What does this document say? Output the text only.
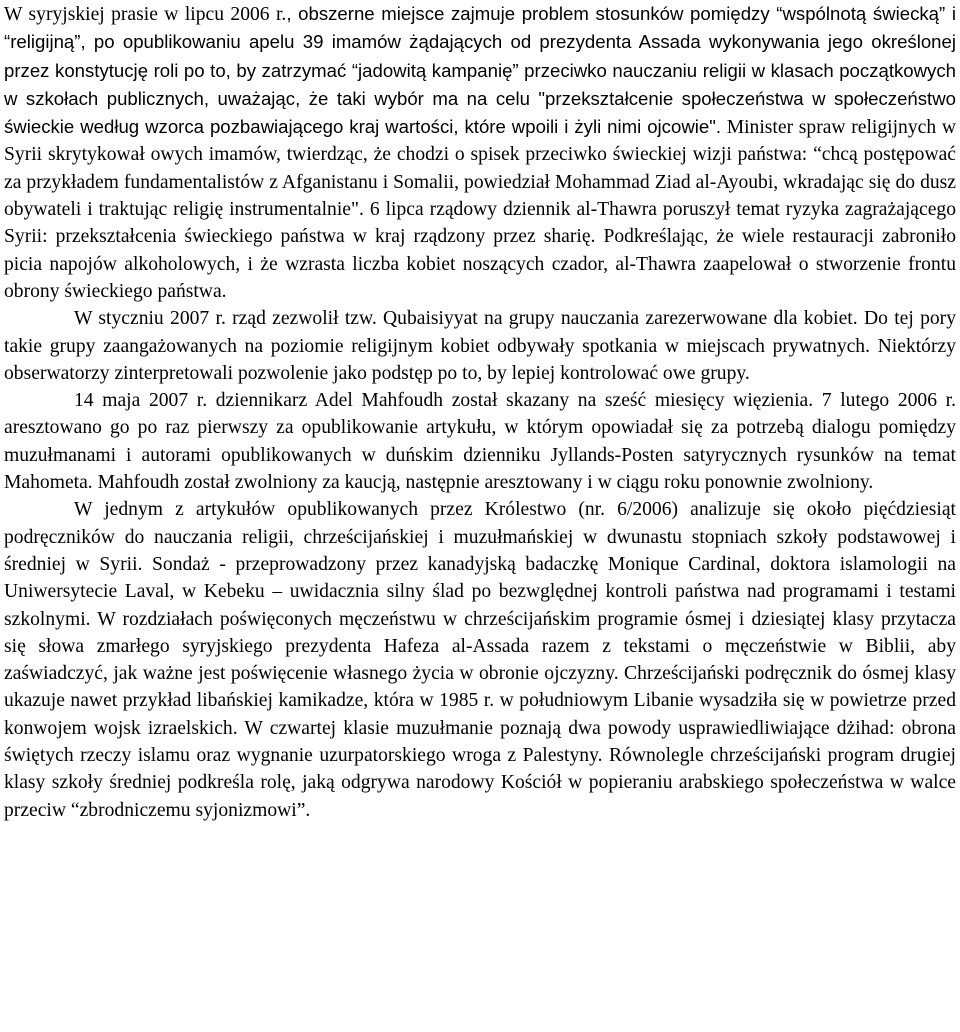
W syryjskiej prasie w lipcu 2006 r., obszerne miejsce zajmuje problem stosunków pomiędzy “wspólnotą świecką” i “religijną”, po opublikowaniu apelu 39 imamów żądających od prezydenta Assada wykonywania jego określonej przez konstytucję roli po to, by zatrzymać “jadowitą kampanię” przeciwko nauczaniu religii w klasach początkowych w szkołach publicznych, uważając, że taki wybór ma na celu "przekształcenie społeczeństwa w społeczeństwo świeckie według wzorca pozbawiającego kraj wartości, które wpoili i żyli nimi ojcowie". Minister spraw religijnych w Syrii skrytykował owych imamów, twierdząc, że chodzi o spisek przeciwko świeckiej wizji państwa: “chcą postępować za przykładem fundamentalistów z Afganistanu i Somalii, powiedział Mohammad Ziad al-Ayoubi, wkradając się do dusz obywateli i traktując religię instrumentalnie". 6 lipca rządowy dziennik al-Thawra poruszył temat ryzyka zagrażającego Syrii: przekształcenia świeckiego państwa w kraj rządzony przez sharię. Podkreślając, że wiele restauracji zabroniło picia napojów alkoholowych, i że wzrasta liczba kobiet noszących czador, al-Thawra zaapelował o stworzenie frontu obrony świeckiego państwa.

W styczniu 2007 r. rząd zezwolił tzw. Qubaisiyyat na grupy nauczania zarezerwowane dla kobiet. Do tej pory takie grupy zaangażowanych na poziomie religijnym kobiet odbywały spotkania w miejscach prywatnych. Niektórzy obserwatorzy zinterpretowali pozwolenie jako podstęp po to, by lepiej kontrolować owe grupy.

14 maja 2007 r. dziennikarz Adel Mahfoudh został skazany na sześć miesięcy więzienia. 7 lutego 2006 r. aresztowano go po raz pierwszy za opublikowanie artykułu, w którym opowiadał się za potrzebą dialogu pomiędzy muzułmanami i autorami opublikowanych w duńskim dzienniku Jyllands-Posten satyrycznych rysunków na temat Mahometa. Mahfoudh został zwolniony za kaucją, następnie aresztowany i w ciągu roku ponownie zwolniony.

W jednym z artykułów opublikowanych przez Królestwo (nr. 6/2006) analizuje się około pięćdziesiąt podręczników do nauczania religii, chrześcijańskiej i muzułmańskiej w dwunastu stopniach szkoły podstawowej i średniej w Syrii. Sondaż - przeprowadzony przez kanadyjską badaczkę Monique Cardinal, doktora islamologii na Uniwersytecie Laval, w Kebeku – uwidacznia silny ślad po bezwględnej kontroli państwa nad programami i testami szkolnymi. W rozdziałach poświęconych męczeństwu w chrześcijańskim programie ósmej i dziesiątej klasy przytacza się słowa zmarłego syryjskiego prezydenta Hafeza al-Assada razem z tekstami o męczeństwie w Biblii, aby zaświadczyć, jak ważne jest poświęcenie własnego życia w obronie ojczyzny. Chrześcijański podręcznik do ósmej klasy ukazuje nawet przykład libańskiej kamikadze, która w 1985 r. w południowym Libanie wysadziła się w powietrze przed konwojem wojsk izraelskich. W czwartej klasie muzułmanie poznają dwa powody usprawiedliwiające dżihad: obrona świętych rzeczy islamu oraz wygnanie uzurpatorskiego wroga z Palestyny. Równolegle chrześcijański program drugiej klasy szkoły średniej podkreśla rolę, jaką odgrywa narodowy Kościół w popieraniu arabskiego społeczeństwa w walce przeciw “zbrodniczemu syjonizmowi”.
